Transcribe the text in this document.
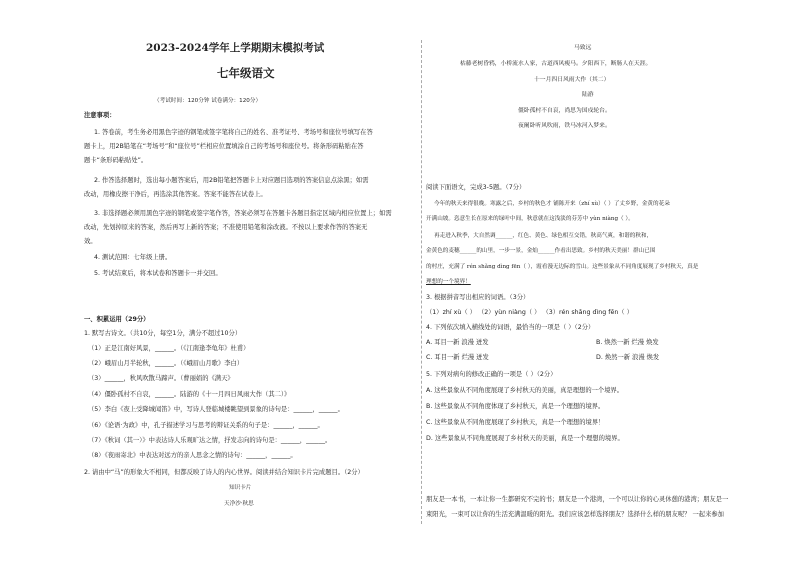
2023-2024学年上学期期末模拟考试
七年级语文
（考试时间：120分钟 试卷满分：120分）
注意事项：
1. 答卷前，考生务必用黑色字迹的钢笔或签字笔将自己的姓名、准考证号、考场号和座位号填写在答
题卡上，用2B铅笔在“考场号”和“座位号”栏相应位置填涂自己的考场号和座位号。将条形码粘贴在答
题卡“条形码粘贴处”。
2. 作答选择题时，选出每小题答案后，用2B铅笔把答题卡上对应题目选项的答案信息点涂黑；如需
改动，用橡皮擦干净后，再选涂其他答案。答案不能答在试卷上。
3. 非选择题必须用黑色字迹的钢笔或签字笔作答，答案必须写在答题卡各题目指定区域内相应位置上；如需
改动，先划掉原来的答案，然后再写上新的答案；不准使用铅笔和涂改液。不按以上要求作答的答案无
效。
4. 测试范围：七年级上册。
5. 考试结束后，将本试卷和答题卡一并交回。
一、积累运用（29分）
1. 默写古诗文。（共10分，每空1分，满分不超过10分）
（1）正是江南好风景，______。（《江南逢李龟年》杜甫）
（2）峨眉山月半轮秋，______。（《峨眉山月歌》李白）
（3）______，秋风吹散马蹄声。（曹丽娟的《满天》
（4）僵卧孤村不自哀，______。陆游的《十一月四日风雨大作（其二）》
（5）李白《夜上受降城闻笛》中，写诗人登临城楼眺望到景象的诗句是：______，______。
（6）《论语·为政》中，孔子描述学习与思考的辩证关系的句子是：______，______。
（7）《秋词（其一）》中表达诗人乐观旷达之情，抒发志向的诗句是：______，______。
（8）《夜雨寄北》中表达对远方的亲人思念之情的诗句：______，______。
2. 请由中“马”的形象大不相同，但都反映了诗人的内心世界。阅读并结合知识卡片完成题目。（2分）
知识卡片
天净沙·秋思
马致远
枯藤老树昏鸦，小桥流水人家，古道西风瘦马。夕阳西下，断肠人在天涯。
十一月四日风雨大作（其二）
陆游
僵卧孤村不自哀，尚思为国戍轮台。
夜阑卧听风吹雨，铁马冰河入梦来。
阅读下面语文，完成3-5题。（7分）
今年的秋天来得很晚。寒露之后，乡村的秋色才 铺陈开来（zhí xù）（ ）了丈乡野，金黄的花朵
开满山坡。恣意生长在原来的绿叶中间，秋意就在这浅淡的芬芳中 yùn niàng（ ）。
再走进入秋季，大自然调______，红色、黄色、绿色相互交错，秋高气爽，和谐的秋和，
金黄色的麦穗______的山里，一步一景，金灿______作看出思致。乡村的秋天美丽！群山已围
的村庄，充满了 rén shǎng dìng fēn（ ），霞看漫无边际的雪山。这些景象从不同角度展现了乡村秋天，真是
理想的一个境界！
3. 根据拼音写出相应的词语。（3分）
（1）zhí xù（ ） （2）yùn niàng（ ） （3）rén shǎng dìng fēn（ ）
4. 下列依次填入横线处的词语，最恰当的一项是（ ）（2分）
A. 耳目一新 浪漫 迸发	B. 焕然一新 烂漫 焕发
C. 耳目一新 烂漫 迸发	D. 焕然一新 浪漫 焕发
5. 下列对病句的修改正确的一项是（ ）（2分）
A. 这些景象从不同角度展现了乡村秋天的美丽，真是理想的一个境界。
B. 这些景象从不同角度体现了乡村秋天，真是一个理想的境界。
C. 这些景象从不同角度展现了乡村秋天，真是一个理想的境界！
D. 这些景象从不同角度展现了乡村秋天的美丽，真是一个理想的境界。
朋友是一本书，一本让你一生都研究不完的书；朋友是一个港湾，一个可以让你的心灵休憩的港湾；朋友是一
束阳光，一束可以让你的生活充满温暖的阳光。我们应该怎样选择朋友？选择什么样的朋友呢？ 一起来参加
